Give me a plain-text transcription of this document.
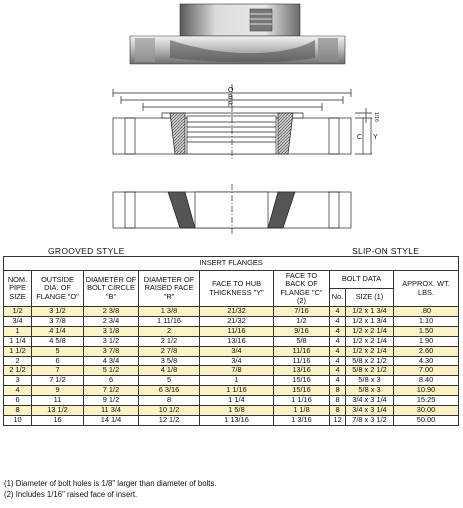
O
B
R
C Y
1/16
GROOVED STYLE	SLIP-ON STYLE
INSERT FLANGES								
NOM. PIPE SIZE	OUTSIDE DIA. OF FLANGE "O"	DIAMETER OF BOLT CIRCLE "B"	DIAMETER OF RAISED FACE "R"	FACE TO HUB THICKNESS "Y"	FACE TO BACK OF FLANGE "C" (2)	BOLT DATA		APPROX. WT. LBS.
						No.	SIZE (1)	
1/2	3 1/2	2 3/8	1 3/8	21/32	7/16	4	1/2 x 1 3/4	.80
3/4	3 7/8	2 3/4	1 11/16	21/32	1/2	4	1/2 x 1 3/4	1.10
1	4 1/4	3 1/8	2	11/16	9/16	4	1/2 x 2 1/4	1.50
1 1/4	4 5/8	3 1/2	2 1/2	13/16	5/8	4	1/2 x 2 1/4	1.90
1 1/2	5	3 7/8	2 7/8	3/4	11/16	4	1/2 x 2 1/4	2.60
2	6	4 3/4	3 5/8	3/4	11/16	4	5/8 x 2 1/2	4.30
2 1/2	7	5 1/2	4 1/8	7/8	13/16	4	5/8 x 2 1/2	7.00
3	7 1/2	6	5	1	15/16	4	5/8 x 3	8.40
4	9	7 1/2	6 3/16	1 1/16	15/16	8	5/8 x 3	10.90
6	11	9 1/2	8	1 1/4	1 1/16	8	3/4 x 3 1/4	15.25
8	13 1/2	11 3/4	10 1/2	1 5/8	1 1/8	8	3/4 x 3 1/4	30.00
10	16	14 1/4	12 1/2	1 13/16	1 3/16	12	7/8 x 3 1/2	50.00
(1) Diameter of bolt holes is 1/8" larger than diameter of bolts.
(2) Includes 1/16" raised face of insert.
